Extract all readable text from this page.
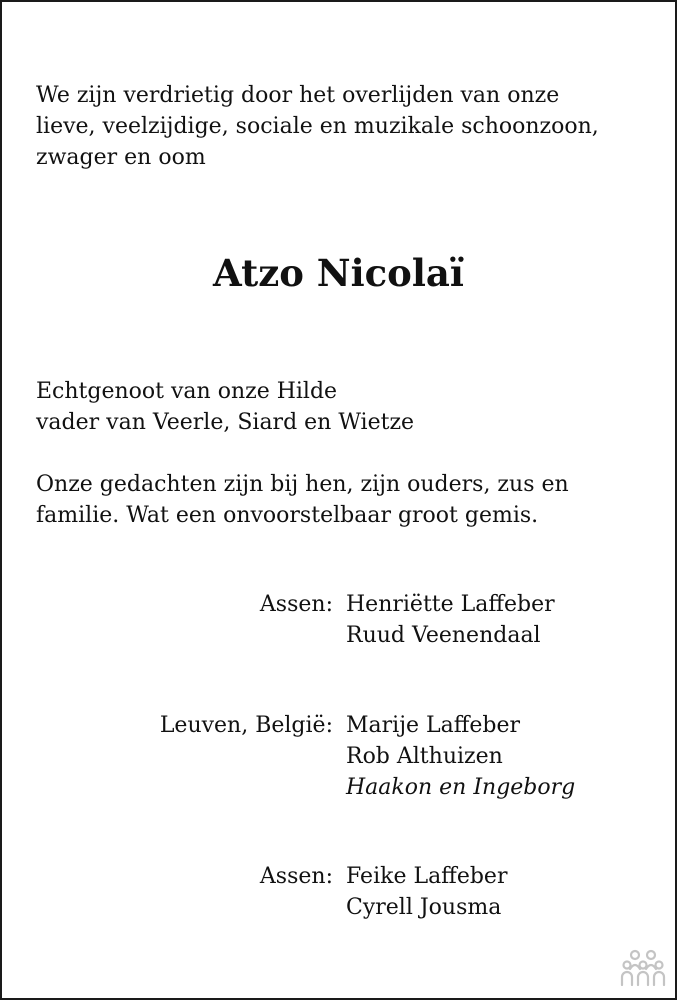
We zijn verdrietig door het overlijden van onze
lieve, veelzijdige, sociale en muzikale schoonzoon,
zwager en oom
Atzo Nicolaï
Echtgenoot van onze Hilde
vader van Veerle, Siard en Wietze
Onze gedachten zijn bij hen, zijn ouders, zus en
familie. Wat een onvoorstelbaar groot gemis.
Assen: Henriëtte Laffeber
Ruud Veenendaal
Leuven, België: Marije Laffeber
Rob Althuizen
Haakon en Ingeborg
Assen: Feike Laffeber
Cyrell Jousma
